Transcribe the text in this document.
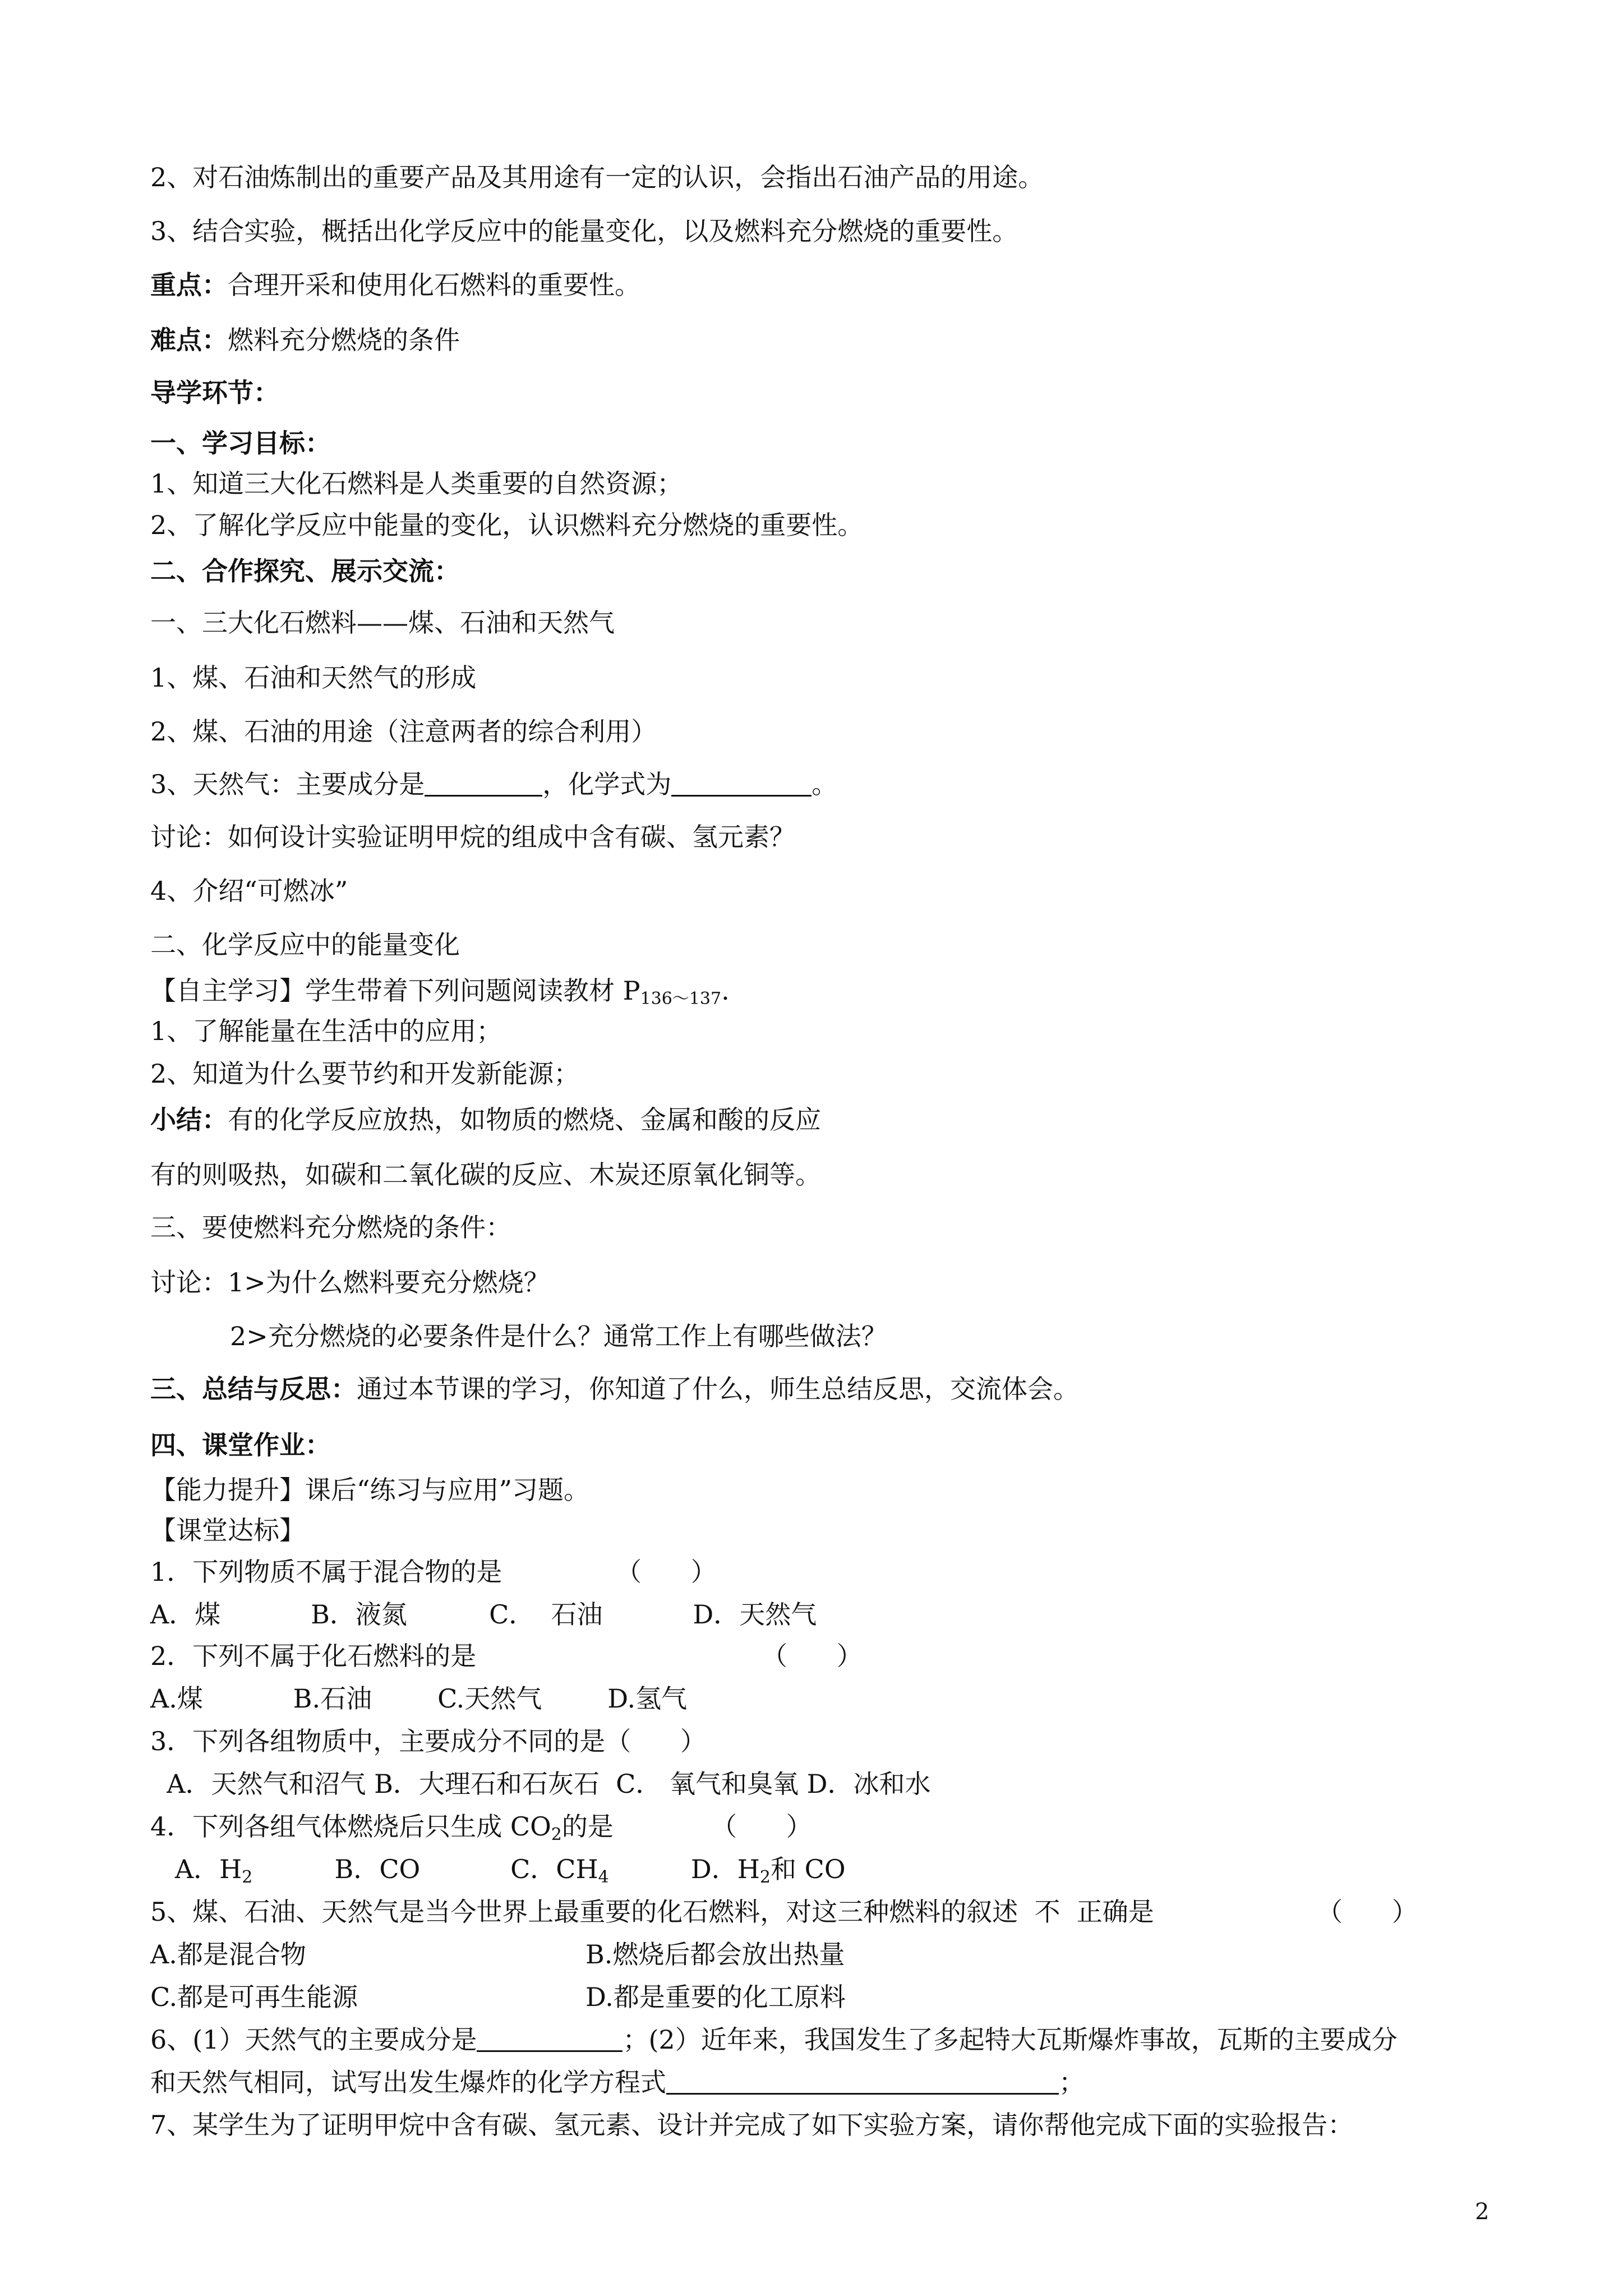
2、对石油炼制出的重要产品及其用途有一定的认识，会指出石油产品的用途。
3、结合实验，概括出化学反应中的能量变化，以及燃料充分燃烧的重要性。
重点：合理开采和使用化石燃料的重要性。
难点：燃料充分燃烧的条件
导学环节：
一、学习目标：
1、知道三大化石燃料是人类重要的自然资源；
2、了解化学反应中能量的变化，认识燃料充分燃烧的重要性。
二、合作探究、展示交流：
一、三大化石燃料——煤、石油和天然气
1、煤、石油和天然气的形成
2、煤、石油的用途（注意两者的综合利用）
3、天然气：主要成分是	，化学式为	。
讨论：如何设计实验证明甲烷的组成中含有碳、氢元素？
4、介绍“可燃冰”
二、化学反应中的能量变化
【自主学习】学生带着下列问题阅读教材 $P_{136\sim 137}$.
1、了解能量在生活中的应用；
2、知道为什么要节约和开发新能源；
小结：有的化学反应放热，如物质的燃烧、金属和酸的反应
有的则吸热，如碳和二氧化碳的反应、木炭还原氧化铜等。
三、要使燃料充分燃烧的条件：
讨论：1>为什么燃料要充分燃烧？
2>充分燃烧的必要条件是什么？通常工作上有哪些做法？
三、总结与反思：通过本节课的学习，你知道了什么，师生总结反思，交流体会。
四、课堂作业：
【能力提升】课后“练习与应用”习题。
【课堂达标】
1．下列物质不属于混合物的是	（      ）
A．煤           B．液氮          C．  石油           D．天然气
2．下列不属于化石燃料的是	（      ）
A.煤           B.石油        C.天然气        D.氢气
3．下列各组物质中，主要成分不同的是（      ）
A．天然气和沼气 B．大理石和石灰石  C． 氧气和臭氧 D．冰和水
4．下列各组气体燃烧后只生成 $CO_2$的是	（      ）
A．$H_2$          B．CO           C．$CH_4$          D．$H_2$和 CO
5、煤、石油、天然气是当今世界上最重要的化石燃料，对这三种燃料的叙述  不  正确是	（      ）
A.都是混合物	B.燃烧后都会放出热量
C.都是可再生能源	D.都是重要的化工原料
6、(1）天然气的主要成分是	；(2）近年来，我国发生了多起特大瓦斯爆炸事故，瓦斯的主要成分
和天然气相同，试写出发生爆炸的化学方程式	；
7、某学生为了证明甲烷中含有碳、氢元素、设计并完成了如下实验方案，请你帮他完成下面的实验报告：
2
